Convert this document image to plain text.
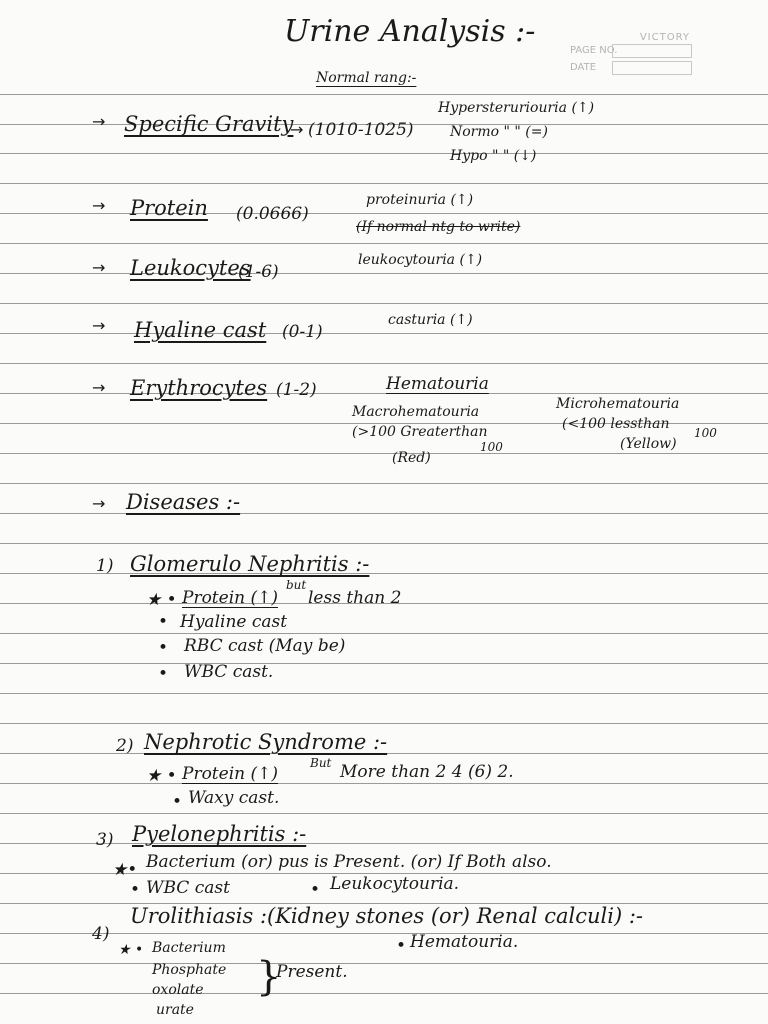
VICTORY
PAGE NO.
DATE
Urine Analysis :-
Normal rang:-
→ Specific Gravity
→ (1010-1025)
Hypersteruriouria (↑)
Normo " " (=)
Hypo " " (↓)
→ Protein (0.0666)
proteinuria (↑)
(If normal ntg to write)
→ Leukocytes
(1-6)
leukocytouria (↑)
→ Hyaline cast (0-1)
casturia (↑)
→ Erythrocytes (1-2)	Hematouria
Macrohematouria
(>100 Greaterthan
100
(Red)
Microhematouria
(<100 lessthan
100
(Yellow)
→ Diseases :-
1) Glomerulo Nephritis :-
★ • Protein (↑)
but
less than 2
• Hyaline cast
• RBC cast (May be)
• WBC cast.
2) Nephrotic Syndrome :-
★ • Protein (↑)
But More than 2 4 (6) 2.
• Waxy cast.
3) Pyelonephritis :-
★• Bacterium (or) pus is Present. (or) If Both also.
• WBC cast	• Leukocytouria.
4)
Urolithiasis :(Kidney stones (or) Renal calculi) :-
★ • Bacterium
Phosphate
oxolate
urate
}
Present.
• Hematouria.
